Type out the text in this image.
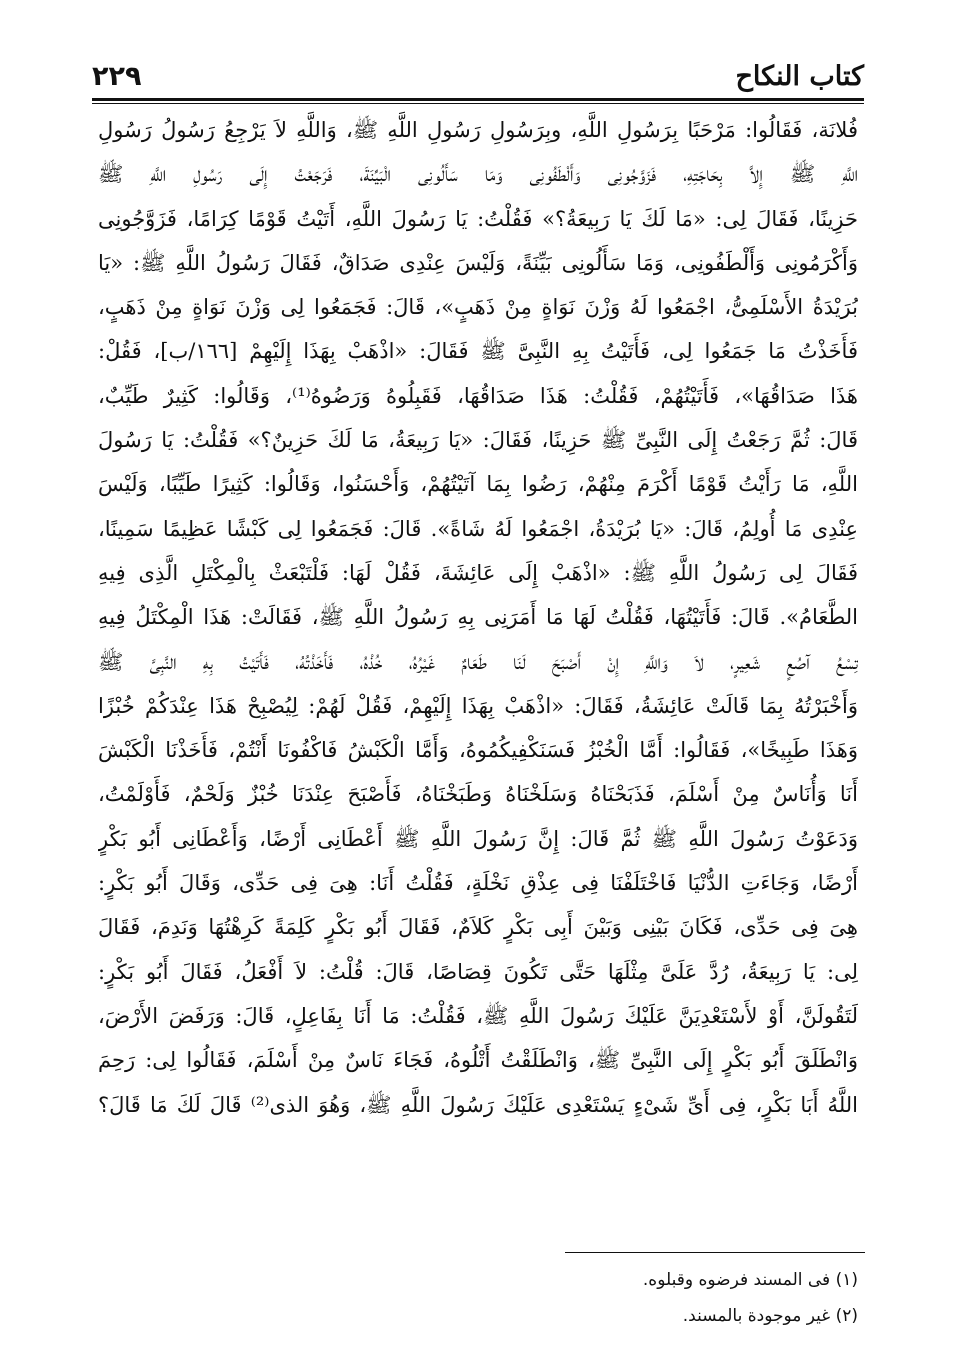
كتاب النكاح
٢٢٩
فُلانَة، فَقَالُوا: مَرْحَبًا بِرَسُولِ اللَّهِ، وبِرَسُولِ رَسُولِ اللَّهِ ﷺ، وَاللَّهِ لاَ يَرْجِعُ رَسُولُ رَسُولِ
اللَّهِ ﷺ إِلاَّ بِحَاجَتِهِ، فَزَوَّجُونِى وَأَلْطَفُونِى وَمَا سَأَلُونِى الْبَيِّنَةَ، فَرَجَعْتُ إِلَى رَسُولِ اللَّهِ ﷺ
حَزِينًا، فَقَالَ لِى: «مَا لَكَ يَا رَبِيعَةُ؟» فَقُلْتُ: يَا رَسُولَ اللَّهِ، أَتَيْتُ قَوْمًا كِرَامًا، فَزَوَّجُونِى
وَأَكْرَمُونِى وَأَلْطَفُونِى، وَمَا سَأَلُونِى بَيِّنَةً، وَلَيْسَ عِنْدِى صَدَاقٌ، فَقَالَ رَسُولُ اللَّهِ ﷺ: «يَا
بُرَيْدَةُ الأَسْلَمِىُّ، اجْمَعُوا لَهُ وَزْنَ نَوَاةٍ مِنْ ذَهَبٍ»، قَالَ: فَجَمَعُوا لِى وَزْنَ نَوَاةٍ مِنْ ذَهَبٍ،
فَأَخَذْتُ مَا جَمَعُوا لِى، فَأَتَيْتُ بِهِ النَّبِىَّ ﷺ فَقَالَ: «اذْهَبْ بِهَذَا إِلَيْهِمْ [١٦٦/ب]، فَقُلْ:
هَذَا صَدَاقُهَا»، فَأَتَيْتُهُمْ، فَقُلْتُ: هَذَا صَدَاقُهَا، فَقَبِلُوهُ وَرَضُوهُ⁽¹⁾، وَقَالُوا: كَثِيرٌ طَيِّبٌ،
قَالَ: ثُمَّ رَجَعْتُ إِلَى النَّبِىِّ ﷺ حَزِينًا، فَقَالَ: «يَا رَبِيعَةُ، مَا لَكَ حَزِينٌ؟» فَقُلْتُ: يَا رَسُولَ
اللَّهِ، مَا رَأَيْتُ قَوْمًا أَكْرَمَ مِنْهُمْ، رَضُوا بِمَا آتَيْتُهُمْ، وَأَحْسَنُوا، وَقَالُوا: كَثِيرًا طَيِّبًا، وَلَيْسَ
عِنْدِى مَا أُولِمُ، قَالَ: «يَا بُرَيْدَةُ، اجْمَعُوا لَهُ شَاةً». قَالَ: فَجَمَعُوا لِى كَبْشًا عَظِيمًا سَمِينًا،
فَقَالَ لِى رَسُولُ اللَّهِ ﷺ: «اذْهَبْ إِلَى عَائِشَةَ، فَقُلْ لَهَا: فَلْتَبْعَثْ بِالْمِكْتَلِ الَّذِى فِيهِ
الطَّعَامُ». قَالَ: فَأَتَيْتُهَا، فَقُلْتُ لَهَا مَا أَمَرَنِى بِهِ رَسُولُ اللَّهِ ﷺ، فَقَالَتْ: هَذَا الْمِكْتَلُ فِيهِ
تِسْعُ آصُعٍ شَعِيرٍ، لاَ وَاللَّهِ إِنْ أَصْبَحَ لَنَا طَعَامٌ غَيْرُهُ، خُذْهُ، فَأَخَذْتُهُ، فَأَتَيْتُ بِهِ النَّبِىَّ ﷺ
وَأَخْبَرْتُهُ بِمَا قَالَتْ عَائِشَةُ، فَقَالَ: «اذْهَبْ بِهَذَا إِلَيْهِمْ، فَقُلْ لَهُمْ: لِيُصْبِحْ هَذَا عِنْدَكُمْ خُبْزًا
وَهَذَا طَبِيخًا»، فَقَالُوا: أَمَّا الْخُبْزُ فَسَنَكْفِيكُمُوهُ، وَأَمَّا الْكَبْشُ فَاكْفُونَا أَنْتُمْ، فَأَخَذْنَا الْكَبْشَ
أَنَا وَأُنَاسٌ مِنْ أَسْلَمَ، فَذَبَحْنَاهُ وَسَلَخْنَاهُ وَطَبَخْنَاهُ، فَأَصْبَحَ عِنْدَنَا خُبْزٌ وَلَحْمٌ، فَأَوْلَمْتُ،
وَدَعَوْتُ رَسُولَ اللَّهِ ﷺ ثُمَّ قَالَ: إِنَّ رَسُولَ اللَّهِ ﷺ أَعْطَانِى أَرْضًا، وَأَعْطَانِى أَبُو بَكْرٍ
أَرْضًا، وَجَاءَتِ الدُّنْيَا فَاخْتَلَفْنَا فِى عِذْقِ نَخْلَةٍ، فَقُلْتُ أَنَا: هِىَ فِى حَدِّى، وَقَالَ أَبُو بَكْرٍ:
هِىَ فِى حَدِّى، فَكَانَ بَيْنِى وَبَيْنَ أَبِى بَكْرٍ كَلاَمٌ، فَقَالَ أَبُو بَكْرٍ كَلِمَةً كَرِهْتُهَا وَنَدِمَ، فَقَالَ
لِى: يَا رَبِيعَةُ، رُدَّ عَلَىَّ مِثْلَهَا حَتَّى تَكُونَ قِصَاصًا، قَالَ: قُلْتُ: لاَ أَفْعَلُ، فَقَالَ أَبُو بَكْرٍ:
لَتَقُولَنَّ، أَوْ لأَسْتَعْدِيَنَّ عَلَيْكَ رَسُولَ اللَّهِ ﷺ، فَقُلْتُ: مَا أَنَا بِفَاعِلٍ، قَالَ: وَرَفَضَ الأَرْضَ،
وَانْطَلَقَ أَبُو بَكْرٍ إِلَى النَّبِىِّ ﷺ، وَانْطَلَقْتُ أَتْلُوهُ، فَجَاءَ نَاسٌ مِنْ أَسْلَمَ، فَقَالُوا لِى: رَحِمَ
اللَّهُ أَبَا بَكْرٍ، فِى أَىِّ شَىْءٍ يَسْتَعْدِى عَلَيْكَ رَسُولَ اللَّهِ ﷺ، وَهُوَ الذى⁽²⁾ قَالَ لَكَ مَا قَالَ؟
(١) فى المسند فرضوه وقبلوه.
(٢) غير موجودة بالمسند.
